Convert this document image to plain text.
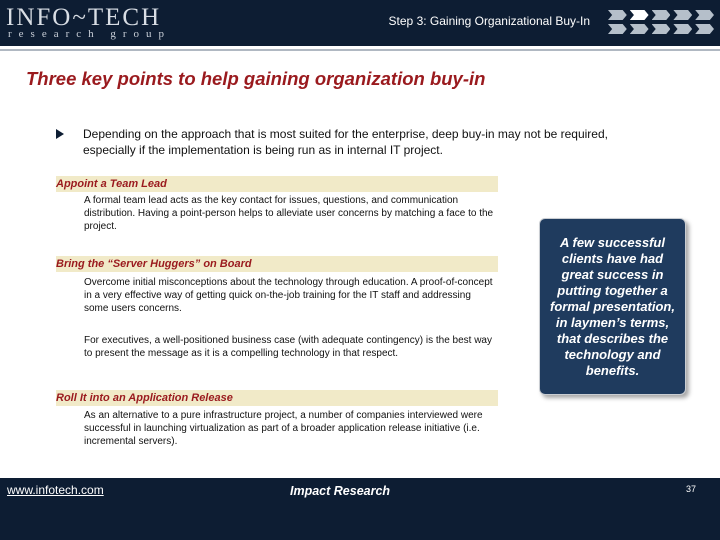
INFO~TECH
research group
Step 3: Gaining Organizational Buy-In
Three key points to help gaining organization buy-in
Depending on the approach that is most suited for the enterprise, deep buy-in may not be required, especially if the implementation is being run as in internal IT project.
Appoint a Team Lead
A formal team lead acts as the key contact for issues, questions, and communication distribution. Having a point-person helps to alleviate user concerns by matching a face to the project.
Bring the “Server Huggers” on Board
Overcome initial misconceptions about the technology through education. A proof-of-concept in a very effective way of getting quick on-the-job training for the IT staff and addressing some users concerns.
For executives, a well-positioned business case (with adequate contingency) is the best way to present the message as it is a compelling technology in that respect.
Roll It into an Application Release
As an alternative to a pure infrastructure project, a number of companies interviewed were successful in launching virtualization as part of a broader application release initiative (i.e. incremental servers).
A few successful clients have had great success in putting together a formal presentation, in laymen’s terms, that describes the technology and benefits.
www.infotech.com	Impact Research	37
